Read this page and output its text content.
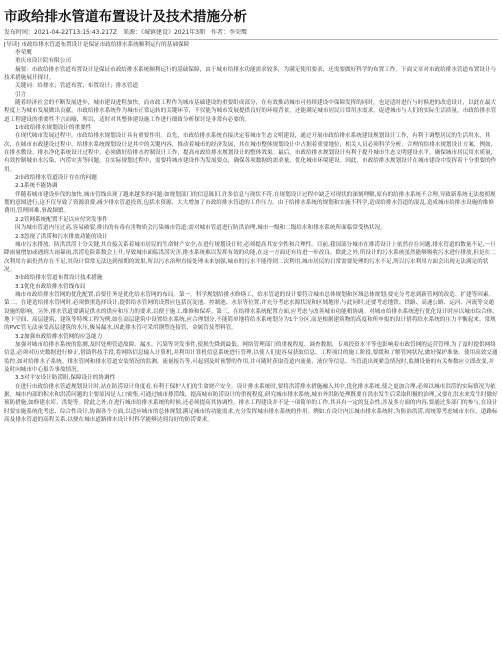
市政给排水管道布置设计及技术措施分析
发布时间：2021-04-22T13:15:43.217Z　来源：《城镇建设》2021年3期　作者：李荣鹰

[导读] 市政给排水管道布置设计是保证市政给排水系统顺利运行的基础保障

李荣鹰

重庆市设计院有限公司

摘要：市政给排水管道布置设计是保证市政给排水系统顺利运行的基础保障，由于城市给排水功能需求较多，为满足使用要求，还需要做好科学的布置工作。下面文章对市政给排水管道布置设计与技术措施展开探讨。

关键词：给排水；管道布置；布置设计；排水管道

引言

随着经济社会的不断发展进步，城市建设进程加快，而市政工程作为城市基础建设的重要组成部分，在有效推动城市可持续建设中保障发挥的同时，也是适时进行与时俱进的改造设计，以此在最大程度上为城市发展做出贡献。市政给排水系统作为城市正常运转的关键环节，不仅能为城市发展提供良好的环境背景，还能满足城市居民日常用水需求，促进城市与人们的实际生活质量。市政给排水管道工程建设的重要性不言而喻，所以，适时对其整体建设施工作进行细致分析探讨是非常有必要的。

1市政给排水规划设计的重要性

在现代城市发展过程中，市政给排水规划设计具有重要作用。首先，市政给排水系统直接决定着城市生态文明建设，通过开展市政给排水系统建设规划设计工作，有利于调整居民的生活用水，其次，在城市市政建设过程中，给排水系统规划设计是其中的关键内容，推动着城市的经济发展，其在城市整体规划设计中占据着重要地位，相关人员必须科学分析，合理的给排水规划设计方案，例如，在排水敷设、排水净化系统设计过程中，必须做好给排水控制设计工作，提高市政给排水规划设计的整体效果。最后，市政给排水规划设计有利于提升城市生态文明建设水平，确保城市居民用水质量，有效控制城市水污染、内涝灾害等问题。在实际规划过程中，需要将城市建设作为发展要点，确保各项数据的需求量，优化城市环境建设。因此，市政给排水规划设计在城市建设中发挥着十分重要的作用。

2市政给排水管道设计存在的问题

2.1系统不能协调

伴随着城市建设步伐的加快,城市管线出现了越来越多的问题:如规划部门的信息陈旧,许多信息与现状不符,在规划设计过程中缺乏对现状的深刻理解,原有的给排水系统不合理,导致新系统无法按照规划的意图进行,这不仅导致了资源浪费,减少排水管道投资,包括水资源、大大增加了市政给排水管道的工作压力。由于给排水系统的规划和实施不科学,造成给排水管道的混乱,造成城市给排水设施的维修费用,管理困难,事故频繁。

2.2管网系统配置不足以应付突发事件

因为城市管道内压过高,容易破裂,排出的有毒有害物质会污染城市管道;需对城市管道进行防洪治理,城市一级和二级给水和排水系统所面临常受热状况。

2.3忽视了洪涝和污水排放功能的设计

城市污水排放、防洪洪涝十分关键,其直接关系着城市居民的生命财产安全,在进行规划设计时,必须提高其安全性和合理性。目前,我国部分城市在排涝设计上依然存在问题,排水管道的数量不足,一旦降雨量增加或遇到大雨暴雨,洪涝危险系数会上升,导致城市面临洪涝灾害,排水系统难以发挥有效的功能,在这一方面还有待进一步改良。除此之外,所设计的污水系统虽然能够吸收污水进行排放,但是在二次利用方面仍然存在不足,其设计常常无法达到预期的效果,所以污水治理直接处理未来加强,城市的污水不能得到二次利用,城市居民的日常需要处理的污水不足,所以污水利用方面会出现无法满足的状况。

3市政给排水管道布置设计技术措施

3.1优化市政给排水管线布局

城市市政给排水管网的优化配置,首要任务是优化给水管网的布局。第一，科学规划给排水修缮工，给水管道的设计要符合城市总体规划和区域总体规划,要充分考虑到新管网的改造、扩建等因素。第二，在建造给排水管网时,必须慎重选择设计,提供给水管网的设置应包括沉淀池、控制池、水泵等位置,并充分考虑水源状况和区域地形,与此同时,还要考虑地铁、铁路、高速公路、运河、河流等交通设施的影响。另外,排水管道要满足供水的供应和压力的要求,以便于施工,维修和保养。第三，在给排水系统配置方面,应考虑与改善城市功能相协调。对城市给排水系统进行优化设计时应以城市综合体、地下空间、高层建筑、建筑等特殊工程为例,如在高层建筑中设置给水系统,应合理划分,不能简单地将给水系统划分为1个分区,而是根据建筑物的高度和所申报的设计借将给水系统的压力平衡起来。常规的PVC管无法承受高层建筑的水压,极易漏水,因此排水管可采用钢塑连接管、金属管及塑料管。

3.2加强市政给排水管网的应急能力

加强对城市给排水系统的监测,及时处理管道故障、漏水、污染等突发事件,使损失降到最低。网络管理部门的重视程度、调查数据、专项投资水平等也影响着市政管网的运营管理,为了及时提供网络信息,必须对历史数据进行修正,借助科技手段,将网络信息输入计算机,并利用计算机信息系统进行管理,以使人们更容易获取信息。工程项目的施工阶段,要缓和了解管网状况,做好保护准备。使用高效交通监控,如对给排水子系统、排水管网和排水管道安装情况的监测、流量报告等,可起到及时预警的作用,并可随时获取管道内流量、液位等信息。当管道出现紧急情况时,监测设备的有关参数应立即改变,并及时向城市中心报告事故情况。

3.3对平安设计防涝阻,保障设计的协调性

在进行市政给排水管道规划设计时,站在防涝设计角度看,有利于保护人们的生命财产安全。设计排水系统时,要将洪涝排水措施融入其中,优化排水系统,使之更加合理,必须以城市洪涝的实际情况为依据。城市内部的积水和洪涝问题的主要原因是人口密集,可通过城市排涝线、提高城市防涝设计的重视程度,研究城市排水系统,城市外洪防处理既要在洪水发生后采取积极的治理,又要在洪水来发生时做好预防措施,如修建水库、洪堤等。除此之外,在进行城市给排水系统的时候,还必须提高其协调性。排水工程建设并不是一项简单的工作,其具有一定的复杂性,涉及多方面的内容,要通过多部门的参与,在设计时要实施系统化考虑、综合性设计,协调各个方面,以适应城市的总体规划,满足城市的功能需求,充分发挥城市排水系统的作用。例如,在设计内江城市排水系统时,为防治洪涝,需统筹考虑城市水位、道路标高及排水管道的高程关系,以便在城市道路排水设计时科学能够达到良好的防涝要求。
